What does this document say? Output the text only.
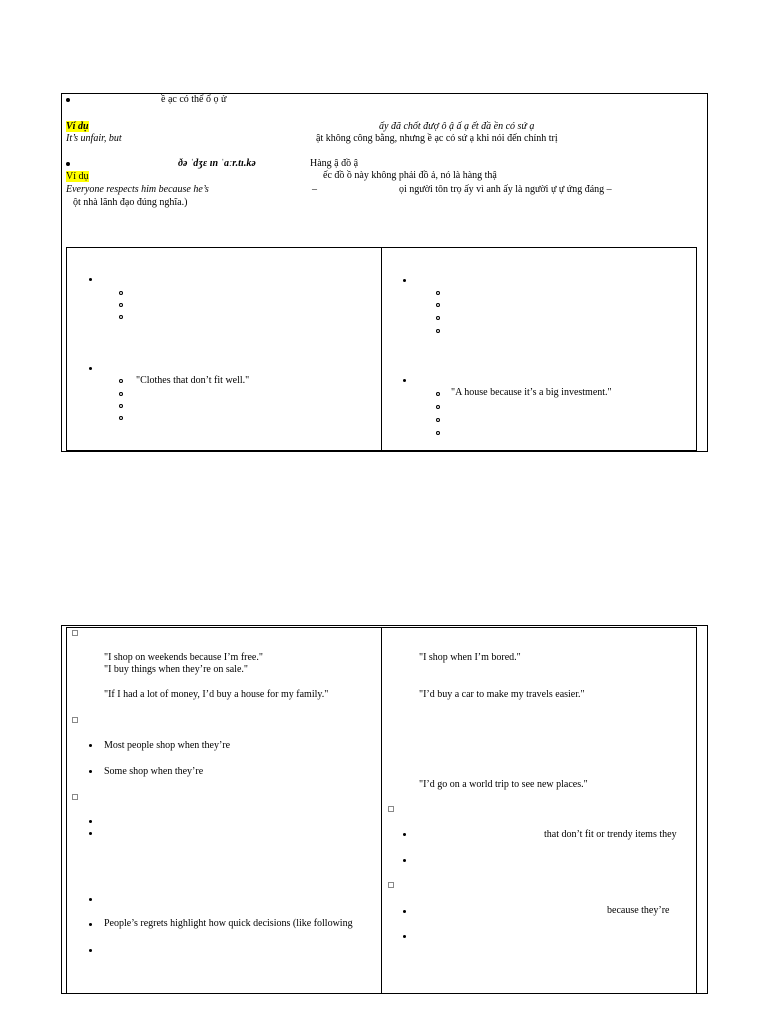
ề ạc có thể ổ ọ ử
Ví dụ	ấy đã chốt đượ ô ậ ấ ạ ết đầ ền có sứ ạ
It’s unfair, but	ật không công bằng, nhưng ề ạc có sứ ạ khi nói đến chính trị
ðə ˈdʒɛ ɪn ˈaːr.tɪ.kə	Hàng ậ đồ ậ
Ví dụ	ếc đồ ồ này không phải đồ ả, nó là hàng thậ
Everyone respects him because he’s	–	ọi người tôn trọ ấy vì anh ấy là người ự ự ứng đáng –
ột nhà lãnh đạo đúng nghĩa.)
"Clothes that don’t fit well."
"A house because it’s a big investment."
"I shop on weekends because I’m free."
"I buy things when they’re on sale."
"If I had a lot of money, I’d buy a house for my family."
Most people shop when they’re
Some shop when they’re
People’s regrets highlight how quick decisions (like following
"I shop when I’m bored."
"I’d buy a car to make my travels easier."
"I’d go on a world trip to see new places."
that don’t fit or trendy items they
because they’re
